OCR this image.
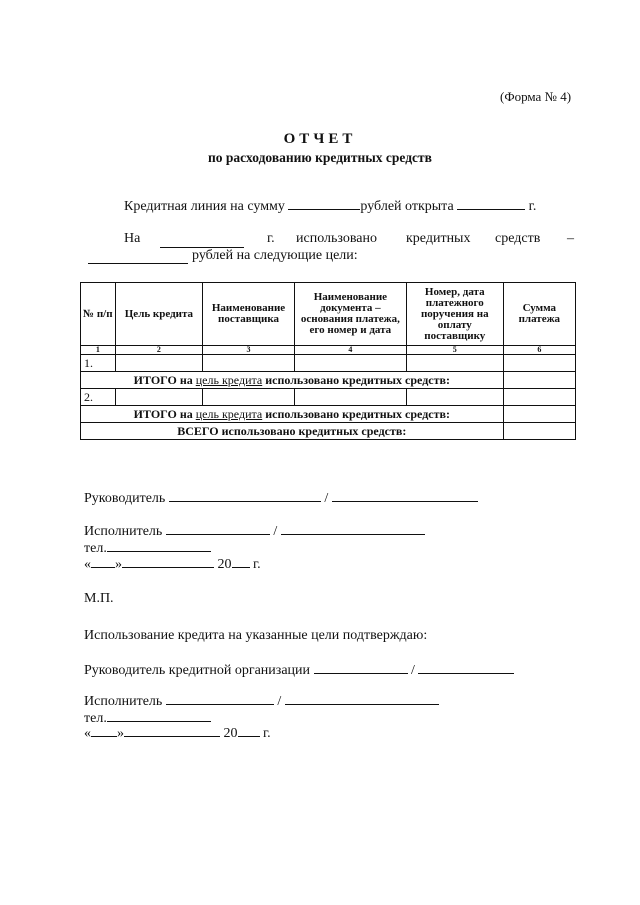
(Форма № 4)
ОТЧЕТ
по расходованию кредитных средств
Кредитная линия на сумму	рублей открыта	г.
На	г. использовано кредитных средств –
рублей на следующие цели:
№ п/п	Цель кредита	Наименование поставщика	Наименование документа – основания платежа, его номер и дата	Номер, дата платежного поручения на оплату поставщику	Сумма платежа
1	2	3	4	5	6
1.					
ИТОГО на цель кредита использовано кредитных средств:					
2.					
ИТОГО на цель кредита использовано кредитных средств:					
ВСЕГО использовано кредитных средств:					
Руководитель	/
Исполнитель	/
тел.
« »	20 г.
М.П.
Использование кредита на указанные цели подтверждаю:
Руководитель кредитной организации	/
Исполнитель	/
тел.
« »	20 г.
